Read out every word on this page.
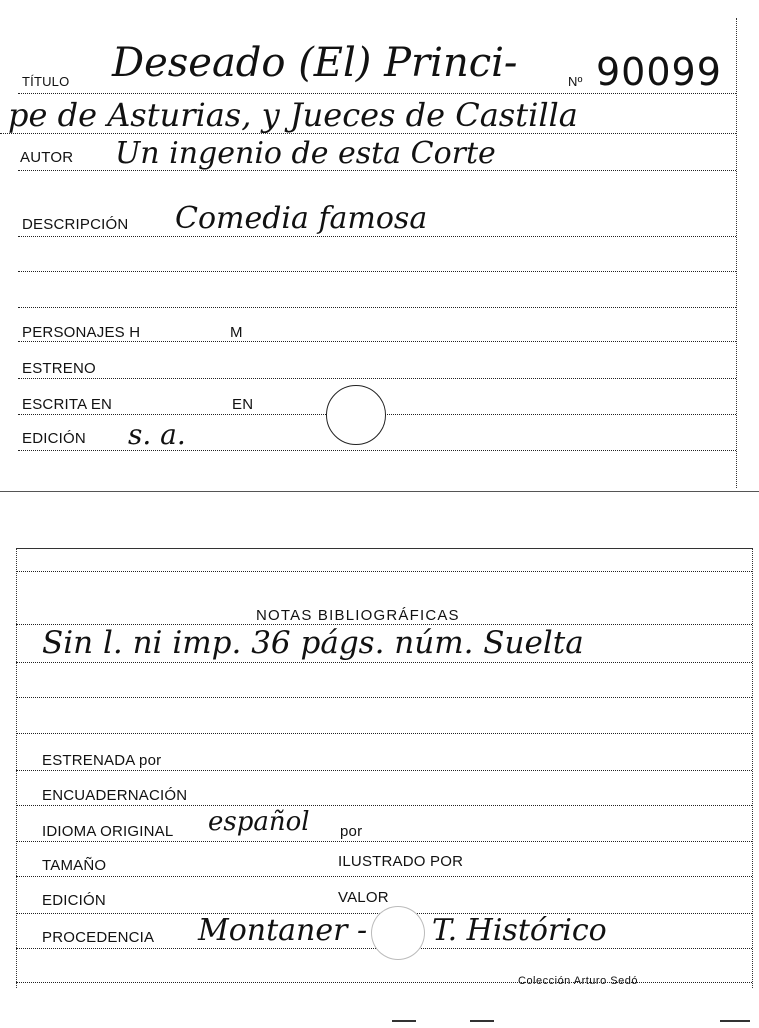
TÍTULO Deseado (El) Princi-	Nº 90099
pe de Asturias, y Jueces de Castilla
AUTOR Un ingenio de esta Corte
DESCRIPCIÓN Comedia famosa
PERSONAJES H	M
ESTRENO
ESCRITA EN	EN
EDICIÓN s. a.
NOTAS BIBLIOGRÁFICAS
Sin l. ni imp. 36 págs. núm. Suelta
ESTRENADA por
ENCUADERNACIÓN
IDIOMA ORIGINAL español por
TAMAÑO	ILUSTRADO POR
EDICIÓN	VALOR
PROCEDENCIA Montaner - T. Histórico
Colección Arturo Sedó
